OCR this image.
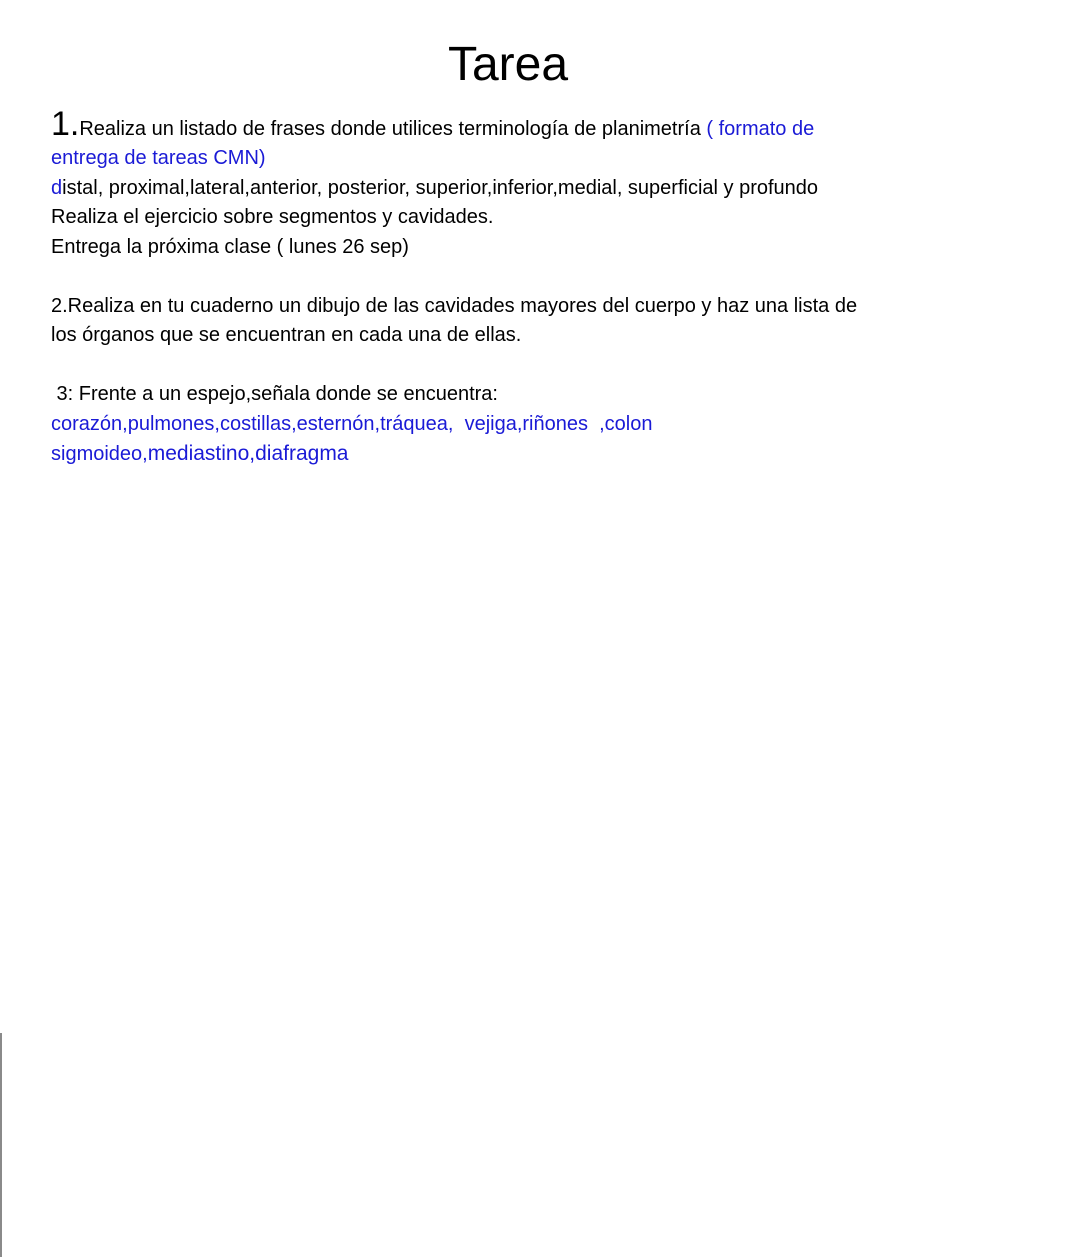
Tarea
1.Realiza un listado de frases donde utilices terminología de planimetría ( formato de
entrega de tareas CMN)
distal, proximal,lateral,anterior, posterior, superior,inferior,medial, superficial y profundo
Realiza el ejercicio sobre segmentos y cavidades.
Entrega la próxima clase ( lunes 26 sep)
2.Realiza en tu cuaderno un dibujo de las cavidades mayores del cuerpo y haz una lista de
los órganos que se encuentran en cada una de ellas.
3: Frente a un espejo,señala donde se encuentra:
corazón,pulmones,costillas,esternón,tráquea,  vejiga,riñones  ,colon
sigmoideo,mediastino,diafragma
